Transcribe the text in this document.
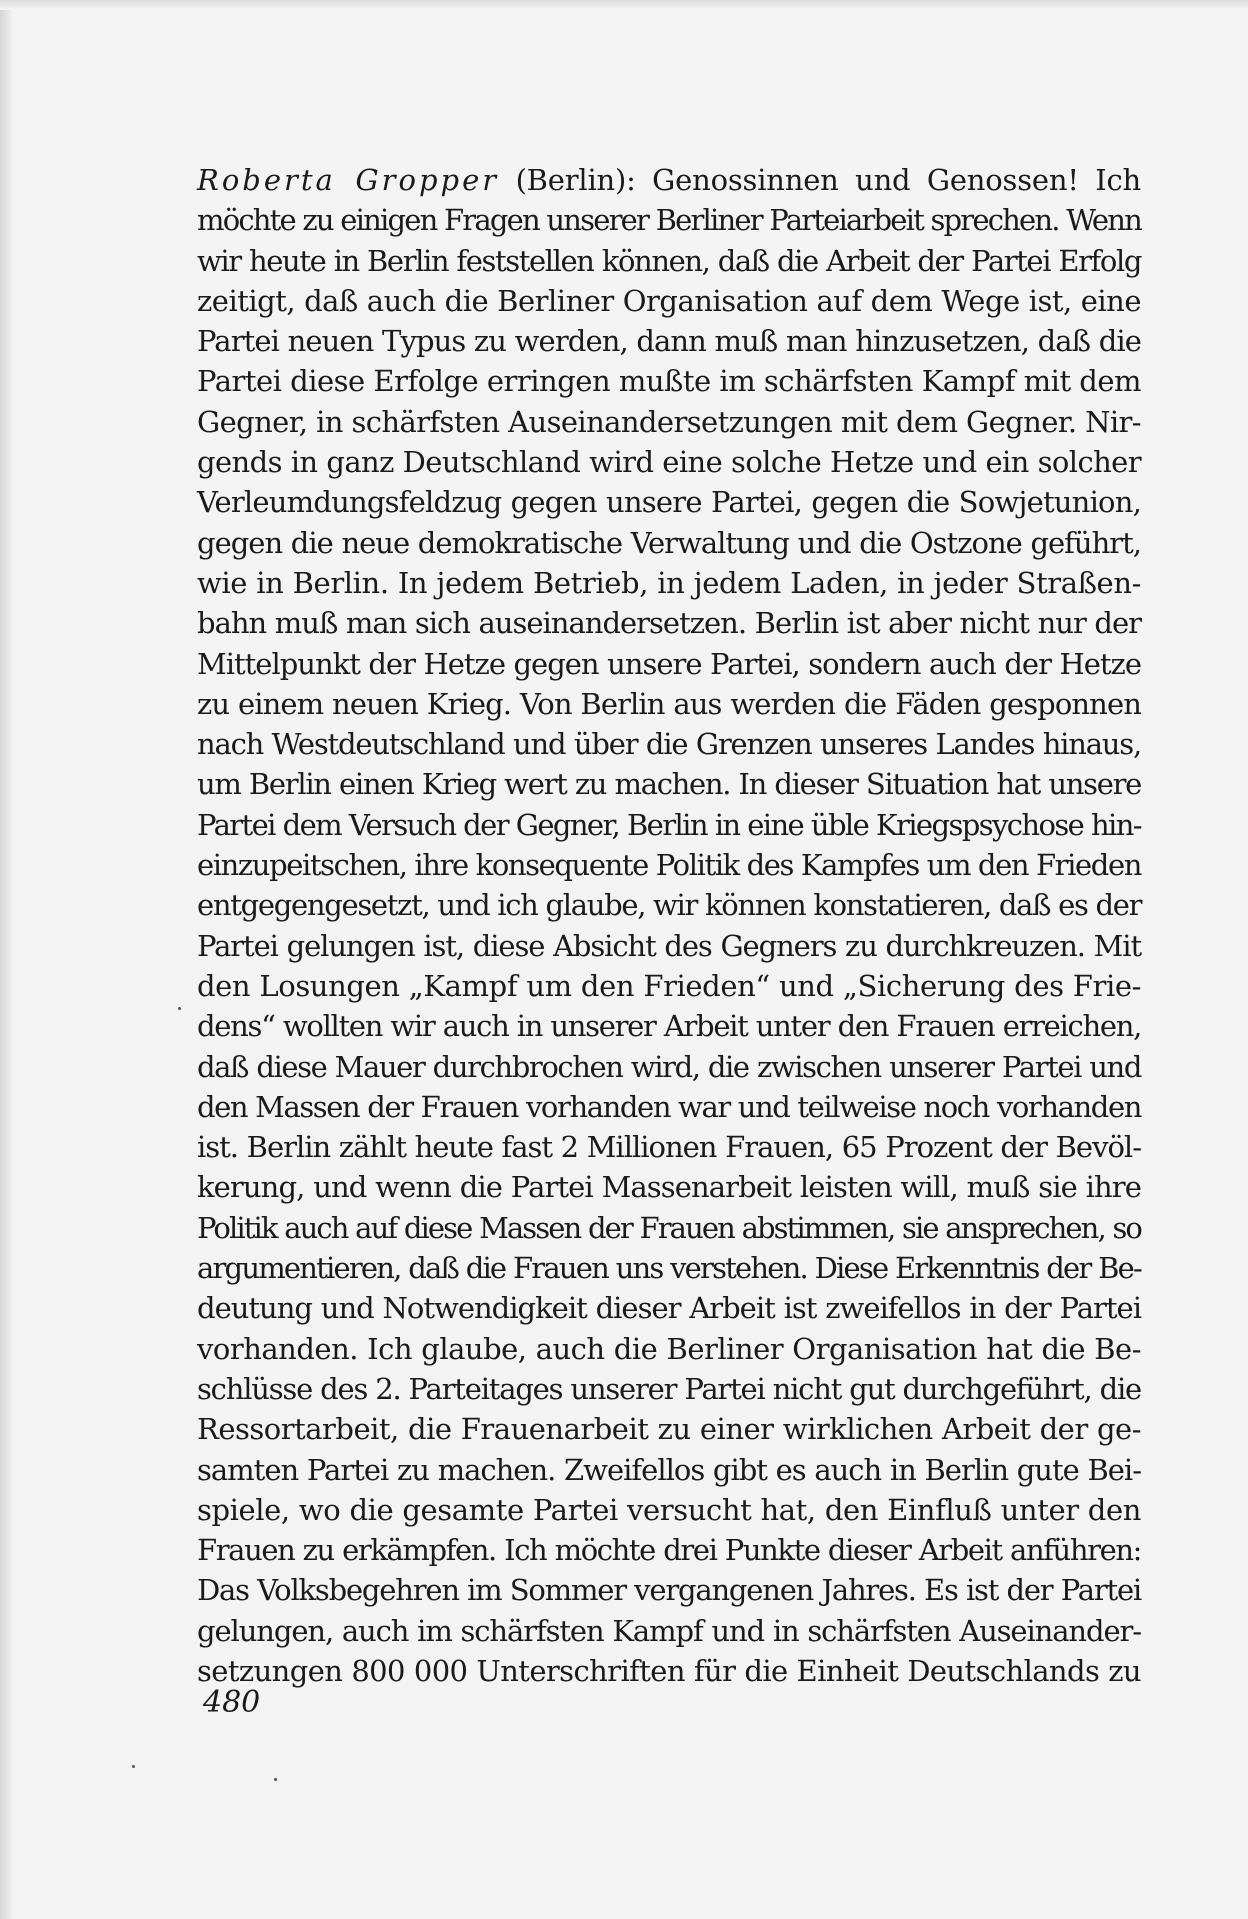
Roberta Gropper (Berlin): Genossinnen und Genossen! Ich
möchte zu einigen Fragen unserer Berliner Parteiarbeit sprechen. Wenn
wir heute in Berlin feststellen können, daß die Arbeit der Partei Erfolg
zeitigt, daß auch die Berliner Organisation auf dem Wege ist, eine
Partei neuen Typus zu werden, dann muß man hinzusetzen, daß die
Partei diese Erfolge erringen mußte im schärfsten Kampf mit dem
Gegner, in schärfsten Auseinandersetzungen mit dem Gegner. Nir-
gends in ganz Deutschland wird eine solche Hetze und ein solcher
Verleumdungsfeldzug gegen unsere Partei, gegen die Sowjetunion,
gegen die neue demokratische Verwaltung und die Ostzone geführt,
wie in Berlin. In jedem Betrieb, in jedem Laden, in jeder Straßen-
bahn muß man sich auseinandersetzen. Berlin ist aber nicht nur der
Mittelpunkt der Hetze gegen unsere Partei, sondern auch der Hetze
zu einem neuen Krieg. Von Berlin aus werden die Fäden gesponnen
nach Westdeutschland und über die Grenzen unseres Landes hinaus,
um Berlin einen Krieg wert zu machen. In dieser Situation hat unsere
Partei dem Versuch der Gegner, Berlin in eine üble Kriegspsychose hin-
einzupeitschen, ihre konsequente Politik des Kampfes um den Frieden
entgegengesetzt, und ich glaube, wir können konstatieren, daß es der
Partei gelungen ist, diese Absicht des Gegners zu durchkreuzen. Mit
den Losungen „Kampf um den Frieden“ und „Sicherung des Frie-
dens“ wollten wir auch in unserer Arbeit unter den Frauen erreichen,
daß diese Mauer durchbrochen wird, die zwischen unserer Partei und
den Massen der Frauen vorhanden war und teilweise noch vorhanden
ist. Berlin zählt heute fast 2 Millionen Frauen, 65 Prozent der Bevöl-
kerung, und wenn die Partei Massenarbeit leisten will, muß sie ihre
Politik auch auf diese Massen der Frauen abstimmen, sie ansprechen, so
argumentieren, daß die Frauen uns verstehen. Diese Erkenntnis der Be-
deutung und Notwendigkeit dieser Arbeit ist zweifellos in der Partei
vorhanden. Ich glaube, auch die Berliner Organisation hat die Be-
schlüsse des 2. Parteitages unserer Partei nicht gut durchgeführt, die
Ressortarbeit, die Frauenarbeit zu einer wirklichen Arbeit der ge-
samten Partei zu machen. Zweifellos gibt es auch in Berlin gute Bei-
spiele, wo die gesamte Partei versucht hat, den Einfluß unter den
Frauen zu erkämpfen. Ich möchte drei Punkte dieser Arbeit anführen:
Das Volksbegehren im Sommer vergangenen Jahres. Es ist der Partei
gelungen, auch im schärfsten Kampf und in schärfsten Auseinander-
setzungen 800 000 Unterschriften für die Einheit Deutschlands zu
480
